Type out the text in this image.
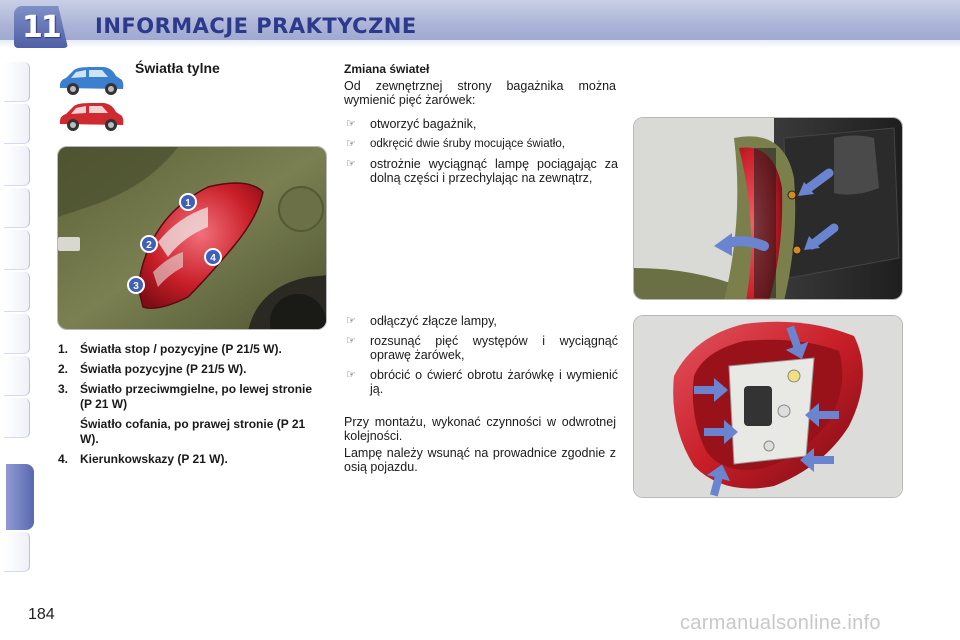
11 INFORMACJE PRAKTYCZNE
Światła tylne
1
2
3
4
1. Światła stop / pozycyjne (P 21/5 W).
2. Światła pozycyjne (P 21/5 W).
3. Światło przeciwmgielne, po lewej stronie (P 21 W)
Światło cofania, po prawej stronie (P 21 W).
4. Kierunkowskazy (P 21 W).
Zmiana świateł
Od zewnętrznej strony bagażnika można wymienić pięć żarówek:
☞ otworzyć bagażnik,
☞ odkręcić dwie śruby mocujące światło,
☞ ostrożnie wyciągnąć lampę pociągając za dolną części i przechylając na zewnątrz,
☞ odłączyć złącze lampy,
☞ rozsunąć pięć występów i wyciągnąć oprawę żarówek,
☞ obrócić o ćwierć obrotu żarówkę i wymienić ją.
Przy montażu, wykonać czynności w odwrotnej kolejności.
Lampę należy wsunąć na prowadnice zgodnie z osią pojazdu.
184	carmanualsonline.info
